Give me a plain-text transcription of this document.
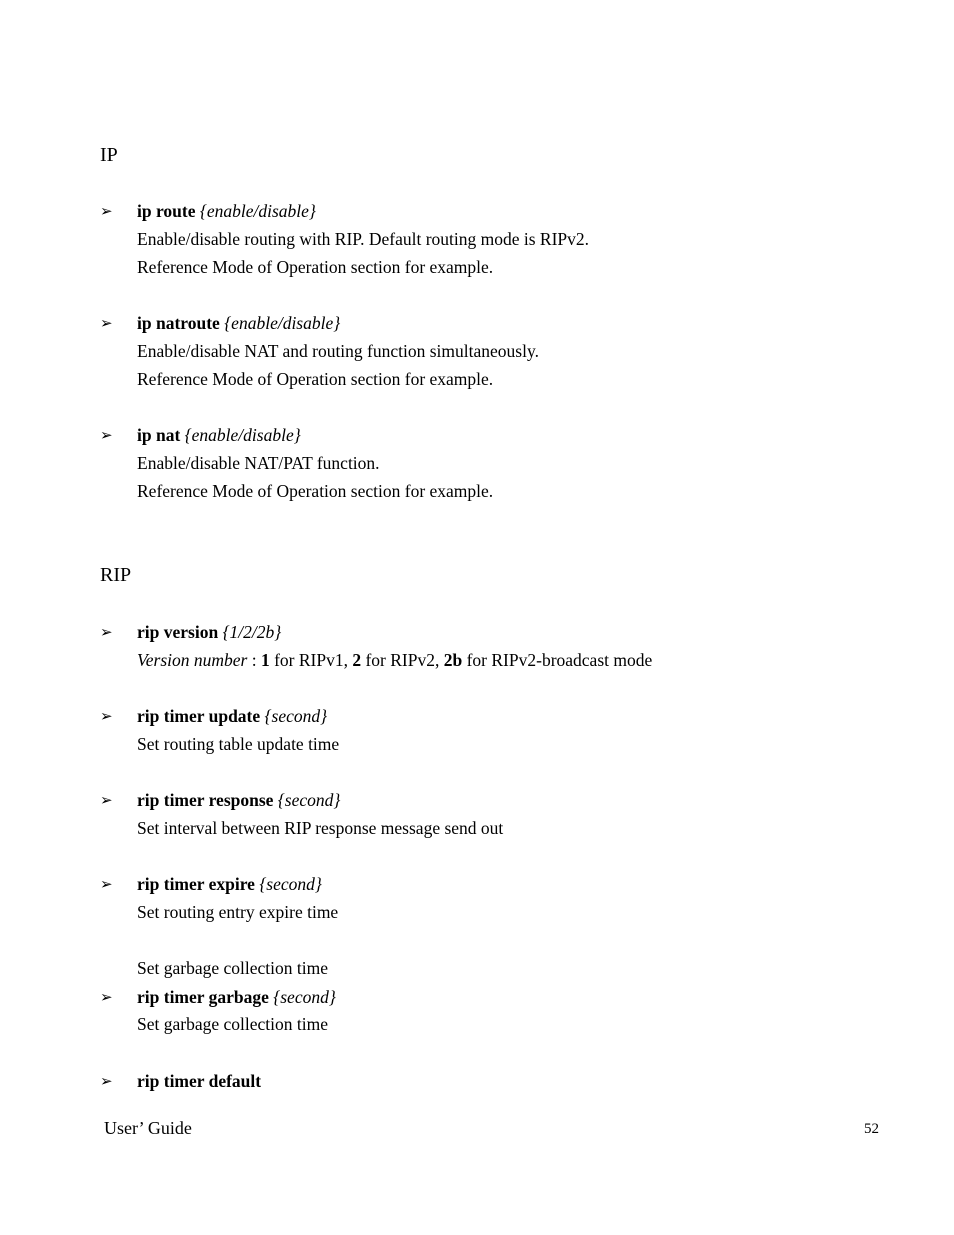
IP
➢	ip route {enable/disable}
Enable/disable routing with RIP. Default routing mode is RIPv2.
Reference Mode of Operation section for example.
➢	ip natroute {enable/disable}
Enable/disable NAT and routing function simultaneously.
Reference Mode of Operation section for example.
➢	ip nat {enable/disable}
Enable/disable NAT/PAT function.
Reference Mode of Operation section for example.
RIP
➢	rip version {1/2/2b}
Version number : 1 for RIPv1, 2 for RIPv2, 2b for RIPv2-broadcast mode
➢	rip timer update {second}
Set routing table update time
➢	rip timer response {second}
Set interval between RIP response message send out
➢	rip timer expire {second}
Set routing entry expire time
Set garbage collection time
➢	rip timer garbage {second}
Set garbage collection time
➢	rip timer default
User’ Guide	52
